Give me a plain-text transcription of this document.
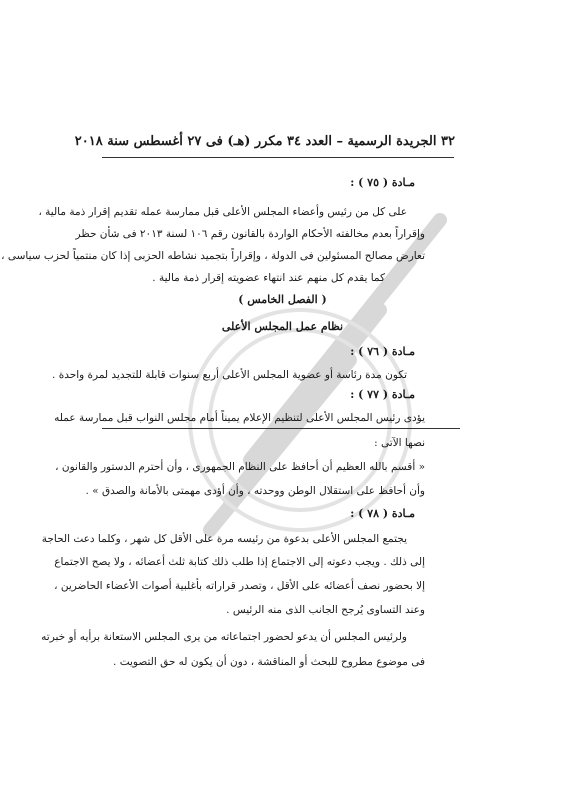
٣٢ الجريدة الرسمية – العدد ٣٤ مكرر (هـ) فى ٢٧ أغسطس سنة ٢٠١٨
مـادة ( ٧٥ ) :
على كل من رئيس وأعضاء المجلس الأعلى قبل ممارسة عمله تقديم إقرار ذمة مالية ،
وإقراراً بعدم مخالفته الأحكام الواردة بالقانون رقم ١٠٦ لسنة ٢٠١٣ فى شأن حظر
تعارض مصالح المسئولين فى الدولة ، وإقراراً بتجميد نشاطه الحزبى إذا كان منتمياً لحزب سياسى ،
كما يقدم كل منهم عند انتهاء عضويته إقرار ذمة مالية .
( الفصل الخامس )
نظام عمل المجلس الأعلى
مـادة ( ٧٦ ) :
تكون مدة رئاسة أو عضوية المجلس الأعلى أربع سنوات قابلة للتجديد لمرة واحدة .
مـادة ( ٧٧ ) :
يؤدى رئيس المجلس الأعلى لتنظيم الإعلام يميناً أمام مجلس النواب قبل ممارسة عمله
نصها الآتى :
« أقسم بالله العظيم أن أحافظ على النظام الجمهورى ، وأن أحترم الدستور والقانون ،
وأن أحافظ على استقلال الوطن ووحدته ، وأن أؤدى مهمتى بالأمانة والصدق » .
مـادة ( ٧٨ ) :
يجتمع المجلس الأعلى بدعوة من رئيسه مرة على الأقل كل شهر ، وكلما دعت الحاجة
إلى ذلك . ويجب دعوته إلى الاجتماع إذا طلب ذلك كتابة ثلث أعضائه ، ولا يصح الاجتماع
إلا بحضور نصف أعضائه على الأقل ، وتصدر قراراته بأغلبية أصوات الأعضاء الحاضرين ،
وعند التساوى يُرجح الجانب الذى منه الرئيس .
ولرئيس المجلس أن يدعو لحضور اجتماعاته من يرى المجلس الاستعانة برأيه أو خبرته
فى موضوع مطروح للبحث أو المناقشة ، دون أن يكون له حق التصويت .
